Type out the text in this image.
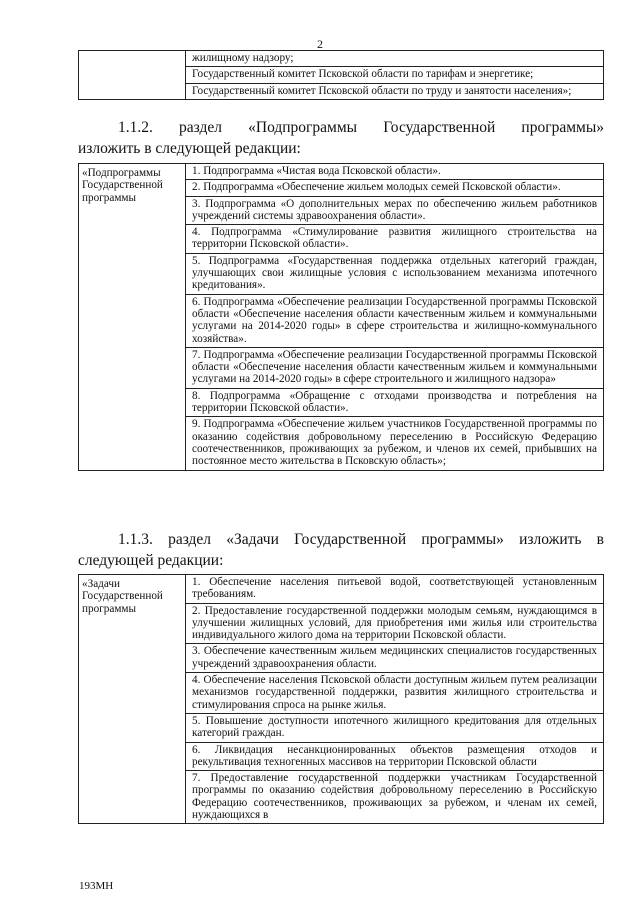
2

жилищному надзору;
Государственный комитет Псковской области по тарифам и энергетике;
Государственный комитет Псковской области по труду и занятости населения»;
1.1.2. раздел «Подпрограммы Государственной программы»
изложить в следующей редакции:
«Подпрограммы Государственной программы	
1. Подпрограмма «Чистая вода Псковской области».
2. Подпрограмма «Обеспечение жильем молодых семей Псковской области».
3. Подпрограмма «О дополнительных мерах по обеспечению жильем работников учреждений системы здравоохранения области».
4. Подпрограмма «Стимулирование развития жилищного строительства на территории Псковской области».
5. Подпрограмма «Государственная поддержка отдельных категорий граждан, улучшающих свои жилищные условия с использованием механизма ипотечного кредитования».
6. Подпрограмма «Обеспечение реализации Государственной программы Псковской области «Обеспечение населения области качественным жильем и коммунальными услугами на 2014-2020 годы» в сфере строительства и жилищно-коммунального хозяйства».
7. Подпрограмма «Обеспечение реализации Государственной программы Псковской области «Обеспечение населения области качественным жильем и коммунальными услугами на 2014-2020 годы» в сфере строительного и жилищного надзора»
8. Подпрограмма «Обращение с отходами производства и потребления на территории Псковской области».
9. Подпрограмма «Обеспечение жильем участников Государственной программы по оказанию содействия добровольному переселению в Российскую Федерацию соотечественников, проживающих за рубежом, и членов их семей, прибывших на постоянное место жительства в Псковскую область»;
1.1.3. раздел «Задачи Государственной программы» изложить в
следующей редакции:
«Задачи Государственной программы	
1. Обеспечение населения питьевой водой, соответствующей установленным требованиям.
2. Предоставление государственной поддержки молодым семьям, нуждающимся в улучшении жилищных условий, для приобретения ими жилья или строительства индивидуального жилого дома на территории Псковской области.
3. Обеспечение качественным жильем медицинских специалистов государственных учреждений здравоохранения области.
4. Обеспечение населения Псковской области доступным жильем путем реализации механизмов государственной поддержки, развития жилищного строительства и стимулирования спроса на рынке жилья.
5. Повышение доступности ипотечного жилищного кредитования для отдельных категорий граждан.
6. Ликвидация несанкционированных объектов размещения отходов и рекультивация техногенных массивов на территории Псковской области
7. Предоставление государственной поддержки участникам Государственной программы по оказанию содействия добровольному переселению в Российскую Федерацию соотечественников, проживающих за рубежом, и членам их семей, нуждающихся в
193МН
